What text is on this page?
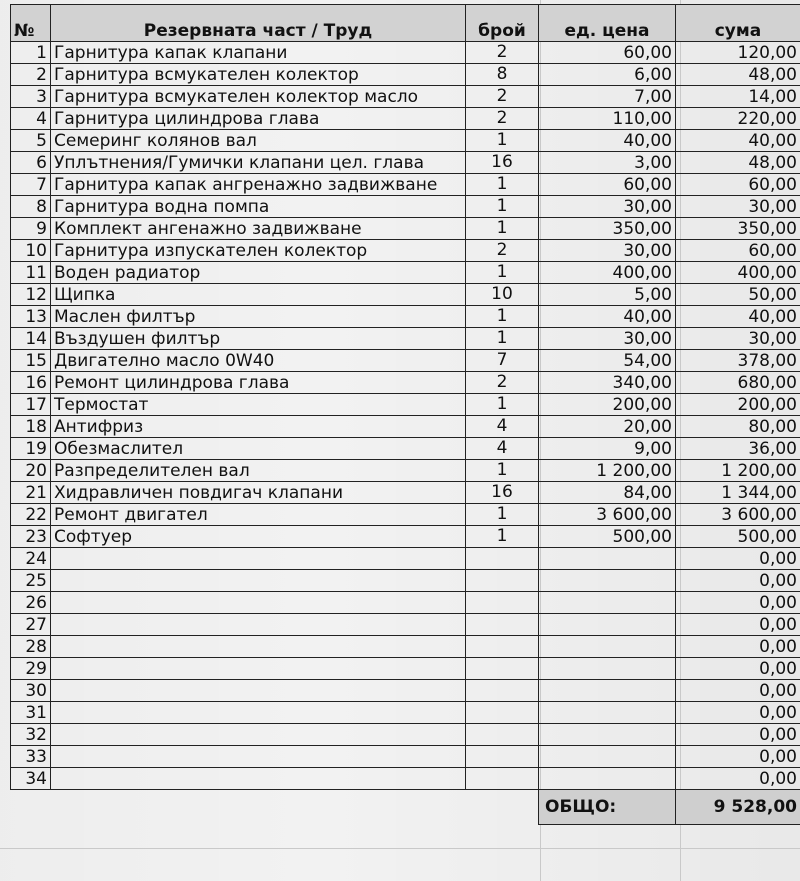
№	Резервната част / Труд	брой	ед. цена	сума
1	Гарнитура капак клапани	2	60,00	120,00
2	Гарнитура всмукателен колектор	8	6,00	48,00
3	Гарнитура всмукателен колектор масло	2	7,00	14,00
4	Гарнитура цилиндрова глава	2	110,00	220,00
5	Семеринг колянов вал	1	40,00	40,00
6	Уплътнения/Гумички клапани цел. глава	16	3,00	48,00
7	Гарнитура капак ангренажно задвижване	1	60,00	60,00
8	Гарнитура водна помпа	1	30,00	30,00
9	Комплект ангенажно задвижване	1	350,00	350,00
10	Гарнитура изпускателен колектор	2	30,00	60,00
11	Воден радиатор	1	400,00	400,00
12	Щипка	10	5,00	50,00
13	Маслен филтър	1	40,00	40,00
14	Въздушен филтър	1	30,00	30,00
15	Двигателно масло 0W40	7	54,00	378,00
16	Ремонт цилиндрова глава	2	340,00	680,00
17	Термостат	1	200,00	200,00
18	Антифриз	4	20,00	80,00
19	Обезмаслител	4	9,00	36,00
20	Разпределителен вал	1	1 200,00	1 200,00
21	Хидравличен повдигач клапани	16	84,00	1 344,00
22	Ремонт двигател	1	3 600,00	3 600,00
23	Софтуер	1	500,00	500,00
24				0,00
25				0,00
26				0,00
27				0,00
28				0,00
29				0,00
30				0,00
31				0,00
32				0,00
33				0,00
34				0,00
			ОБЩО:	9 528,00
